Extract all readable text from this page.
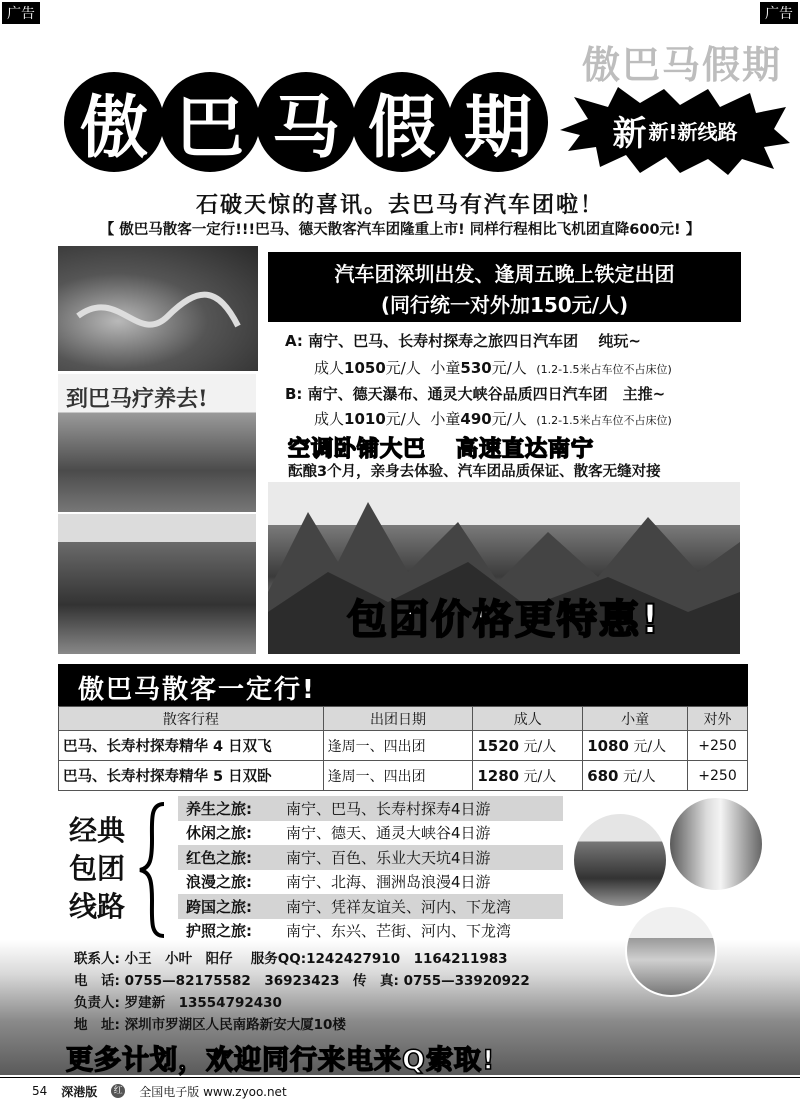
广告	广告
傲巴马假期
傲 巴 马 假 期	新 新!新线路
石破天惊的喜讯。去巴马有汽车团啦！
【 傲巴马散客一定行!!!巴马、德天散客汽车团隆重上市! 同样行程相比飞机团直降600元! 】
到巴马疗养去!
汽车团深圳出发、逢周五晚上铁定出团
(同行统一对外加150元/人)
A: 南宁、巴马、长寿村探寿之旅四日汽车团　 纯玩~
成人1050元/人 小童530元/人 (1.2-1.5米占车位不占床位)
B: 南宁、德天瀑布、通灵大峡谷品质四日汽车团　主推~
成人1010元/人 小童490元/人 (1.2-1.5米占车位不占床位)
空调卧铺大巴 高速直达南宁
酝酿3个月，亲身去体验、汽车团品质保证、散客无缝对接
包团价格更特惠!
傲巴马散客一定行!
散客行程	出团日期	成人	小童	对外
巴马、长寿村探寿精华 4 日双飞	逢周一、四出团	1520 元/人	1080 元/人	+250
巴马、长寿村探寿精华 5 日双卧	逢周一、四出团	1280 元/人	680 元/人	+250
经典
包团
线路
养生之旅:	南宁、巴马、长寿村探寿4日游
休闲之旅:	南宁、德天、通灵大峡谷4日游
红色之旅:	南宁、百色、乐业大天坑4日游
浪漫之旅:	南宁、北海、涠洲岛浪漫4日游
跨国之旅:	南宁、凭祥友谊关、河内、下龙湾
护照之旅:	南宁、东兴、芒街、河内、下龙湾
联系人: 小王　小叶　阳仔　 服务QQ:1242427910　1164211983
电　话: 0755—82175582　36923423　传　真: 0755—33920922
负责人: 罗建新　13554792430
地　址: 深圳市罗湖区人民南路新安大厦10楼
更多计划，欢迎同行来电来Q索取!
54 深港版 红 全国电子版 www.zyoo.net
